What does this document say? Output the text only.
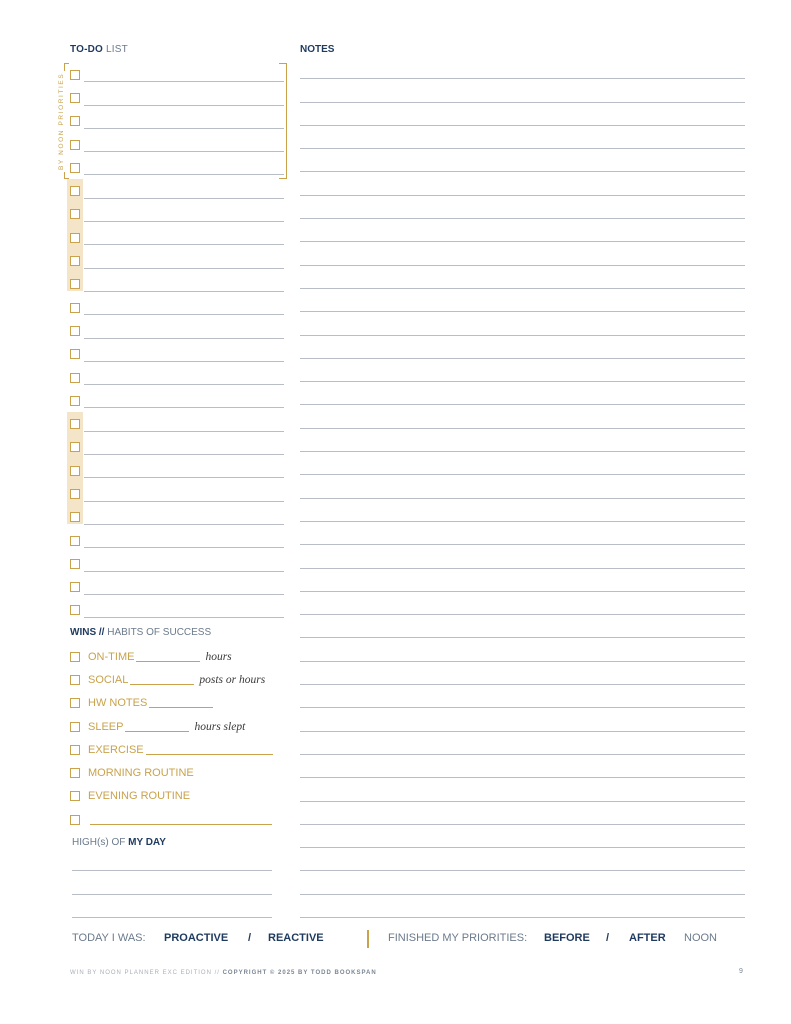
TO-DO LIST	NOTES
BY NOON PRIORITIES
WINS // HABITS OF SUCCESS
ON-TIME	hours
SOCIAL	posts or hours
HW NOTES
SLEEP	hours slept
EXERCISE
MORNING ROUTINE
EVENING ROUTINE
HIGH(s) OF MY DAY
TODAY I WAS: PROACTIVE / REACTIVE	FINISHED MY PRIORITIES: BEFORE / AFTER NOON
WIN BY NOON PLANNER EXC EDITION // COPYRIGHT © 2025 BY TODD BOOKSPAN	9
